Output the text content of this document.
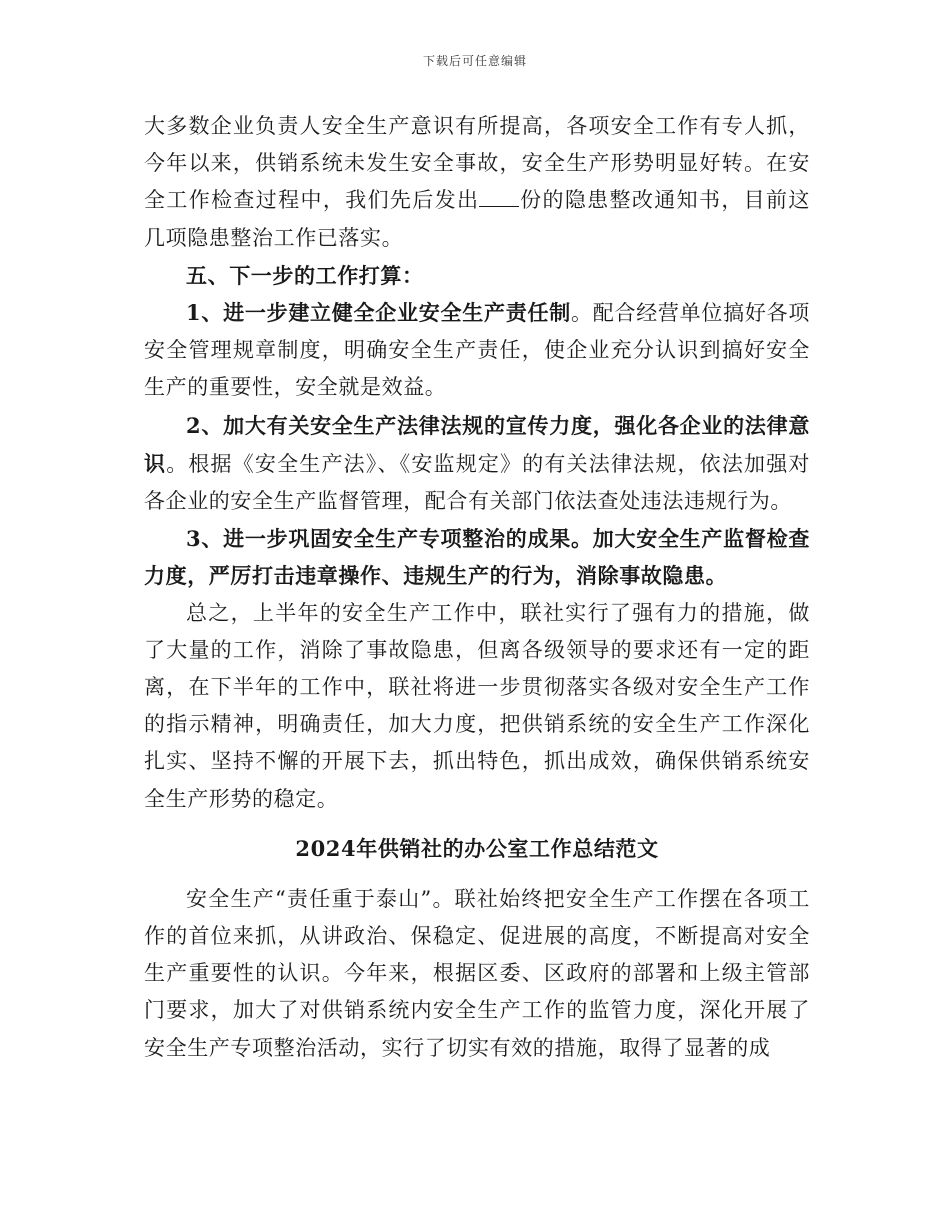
下载后可任意编辑

大多数企业负责人安全生产意识有所提高，各项安全工作有专人抓，今年以来，供销系统未发生安全事故，安全生产形势明显好转。在安全工作检查过程中，我们先后发出 份的隐患整改通知书，目前这几项隐患整治工作已落实。

五、下一步的工作打算：

1、进一步建立健全企业安全生产责任制。配合经营单位搞好各项安全管理规章制度，明确安全生产责任，使企业充分认识到搞好安全生产的重要性，安全就是效益。

2、加大有关安全生产法律法规的宣传力度，强化各企业的法律意识。根据《安全生产法》、《安监规定》的有关法律法规，依法加强对各企业的安全生产监督管理，配合有关部门依法查处违法违规行为。

3、进一步巩固安全生产专项整治的成果。加大安全生产监督检查力度，严厉打击违章操作、违规生产的行为，消除事故隐患。

总之，上半年的安全生产工作中，联社实行了强有力的措施，做了大量的工作，消除了事故隐患，但离各级领导的要求还有一定的距离，在下半年的工作中，联社将进一步贯彻落实各级对安全生产工作的指示精神，明确责任，加大力度，把供销系统的安全生产工作深化扎实、坚持不懈的开展下去，抓出特色，抓出成效，确保供销系统安全生产形势的稳定。

2024年供销社的办公室工作总结范文

安全生产“责任重于泰山”。联社始终把安全生产工作摆在各项工作的首位来抓，从讲政治、保稳定、促进展的高度，不断提高对安全生产重要性的认识。今年来，根据区委、区政府的部署和上级主管部门要求，加大了对供销系统内安全生产工作的监管力度，深化开展了安全生产专项整治活动，实行了切实有效的措施，取得了显著的成
